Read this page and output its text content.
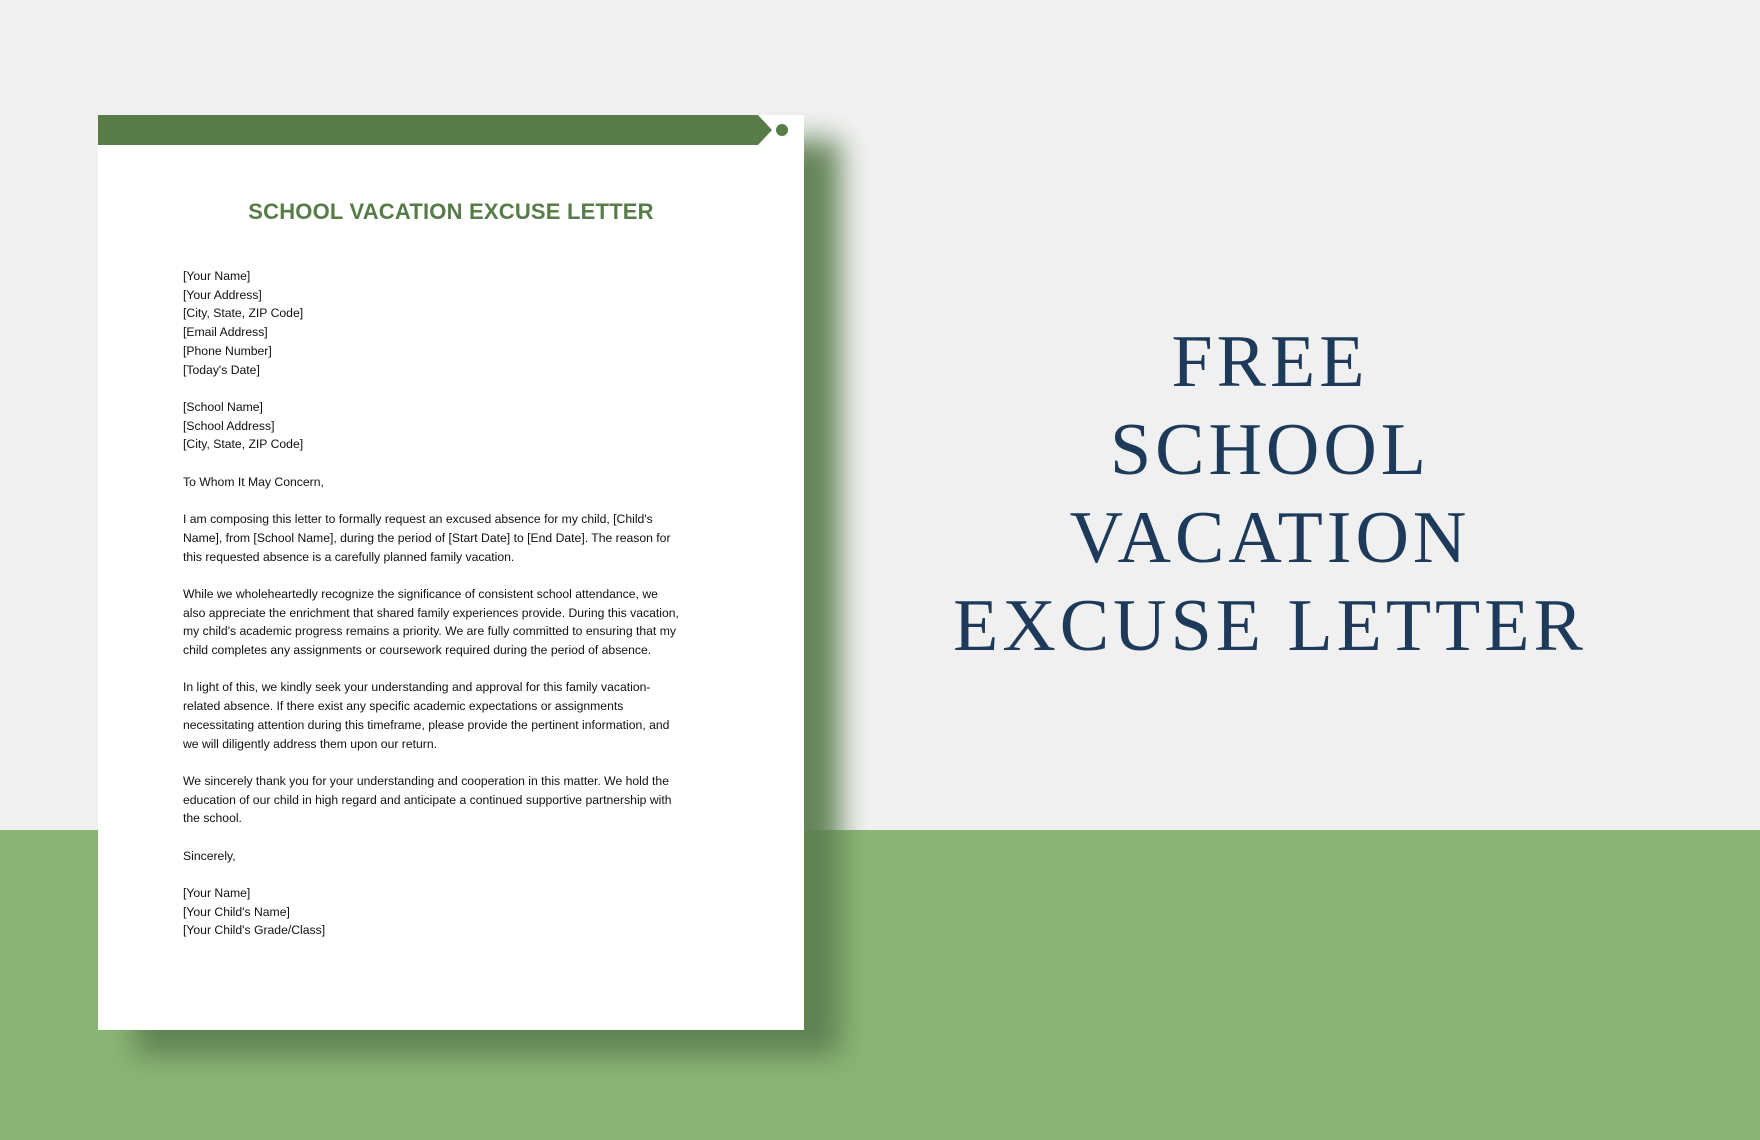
SCHOOL VACATION EXCUSE LETTER
[Your Name]
[Your Address]
[City, State, ZIP Code]
[Email Address]
[Phone Number]
[Today's Date]
[School Name]
[School Address]
[City, State, ZIP Code]
To Whom It May Concern,
I am composing this letter to formally request an excused absence for my child, [Child's
Name], from [School Name], during the period of [Start Date] to [End Date]. The reason for
this requested absence is a carefully planned family vacation.
While we wholeheartedly recognize the significance of consistent school attendance, we
also appreciate the enrichment that shared family experiences provide. During this vacation,
my child's academic progress remains a priority. We are fully committed to ensuring that my
child completes any assignments or coursework required during the period of absence.
In light of this, we kindly seek your understanding and approval for this family vacation-
related absence. If there exist any specific academic expectations or assignments
necessitating attention during this timeframe, please provide the pertinent information, and
we will diligently address them upon our return.
We sincerely thank you for your understanding and cooperation in this matter. We hold the
education of our child in high regard and anticipate a continued supportive partnership with
the school.
Sincerely,
[Your Name]
[Your Child's Name]
[Your Child's Grade/Class]
FREE
SCHOOL
VACATION
EXCUSE LETTER
